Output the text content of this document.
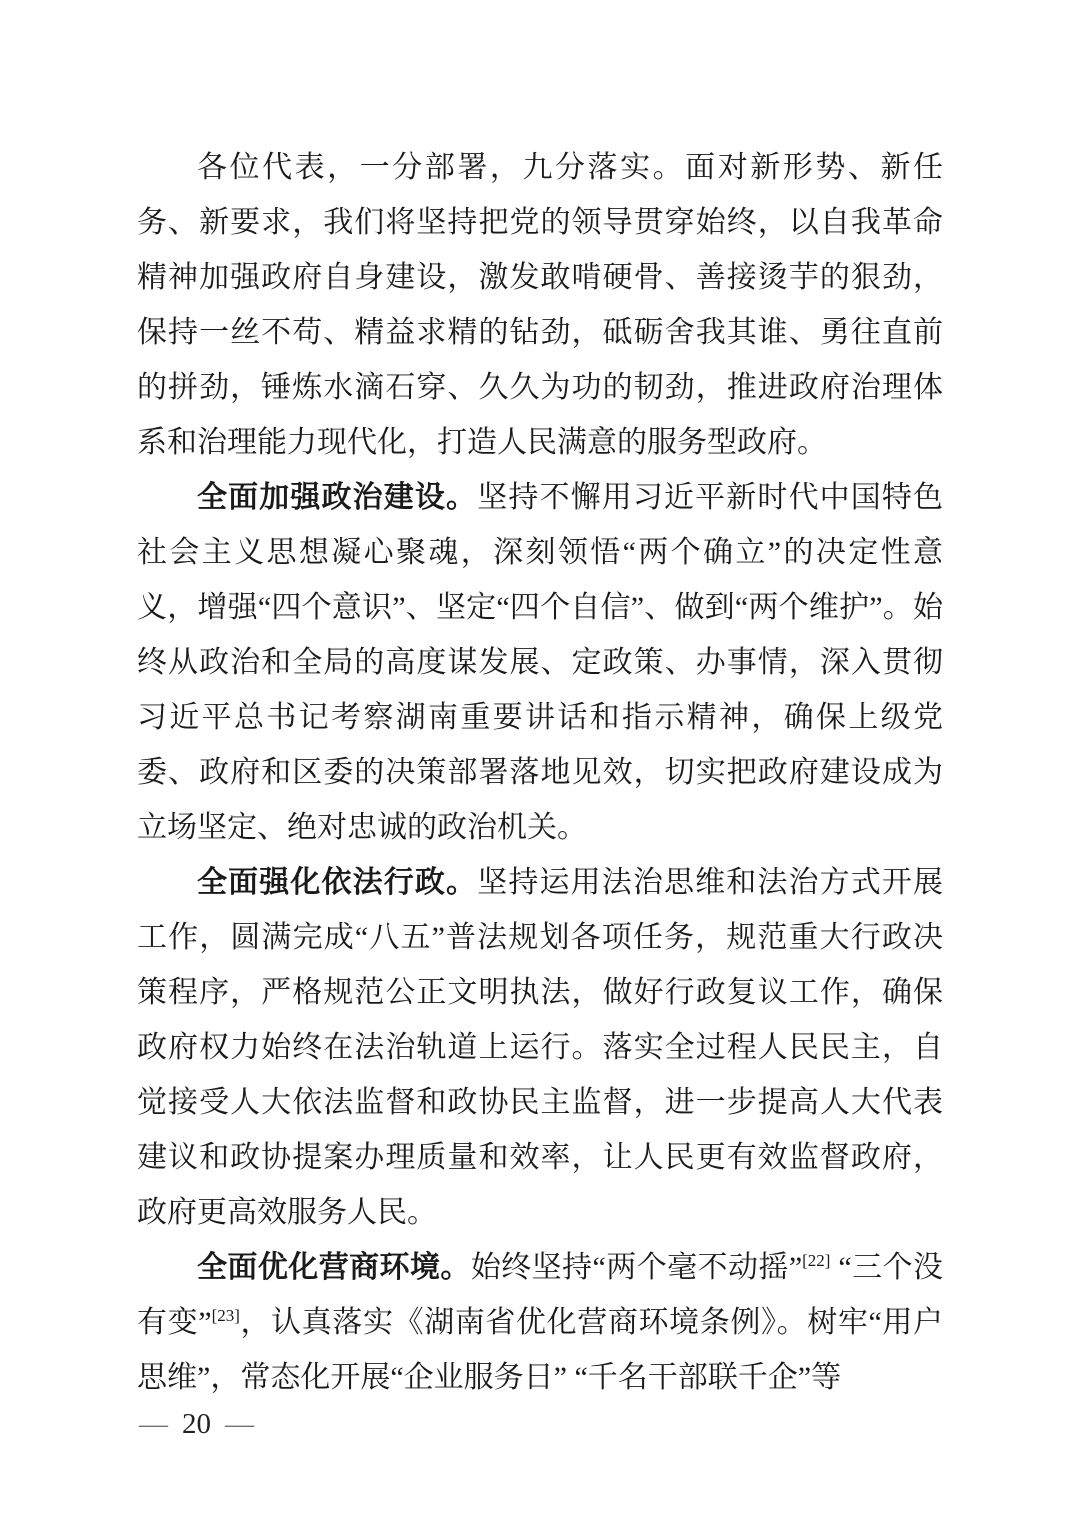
各位代表，一分部署，九分落实。面对新形势、新任务、新要求，我们将坚持把党的领导贯穿始终，以自我革命精神加强政府自身建设，激发敢啃硬骨、善接烫芋的狠劲，保持一丝不苟、精益求精的钻劲，砥砺舍我其谁、勇往直前的拼劲，锤炼水滴石穿、久久为功的韧劲，推进政府治理体系和治理能力现代化，打造人民满意的服务型政府。

全面加强政治建设。坚持不懈用习近平新时代中国特色社会主义思想凝心聚魂，深刻领悟“两个确立”的决定性意义，增强“四个意识”、坚定“四个自信”、做到“两个维护”。始终从政治和全局的高度谋发展、定政策、办事情，深入贯彻习近平总书记考察湖南重要讲话和指示精神，确保上级党委、政府和区委的决策部署落地见效，切实把政府建设成为立场坚定、绝对忠诚的政治机关。

全面强化依法行政。坚持运用法治思维和法治方式开展工作，圆满完成“八五”普法规划各项任务，规范重大行政决策程序，严格规范公正文明执法，做好行政复议工作，确保政府权力始终在法治轨道上运行。落实全过程人民民主，自觉接受人大依法监督和政协民主监督，进一步提高人大代表建议和政协提案办理质量和效率，让人民更有效监督政府，政府更高效服务人民。

全面优化营商环境。始终坚持“两个毫不动摇”[22] “三个没有变”[23]，认真落实《湖南省优化营商环境条例》。树牢“用户思维”，常态化开展“企业服务日” “千名干部联千企”等

— 20 —
